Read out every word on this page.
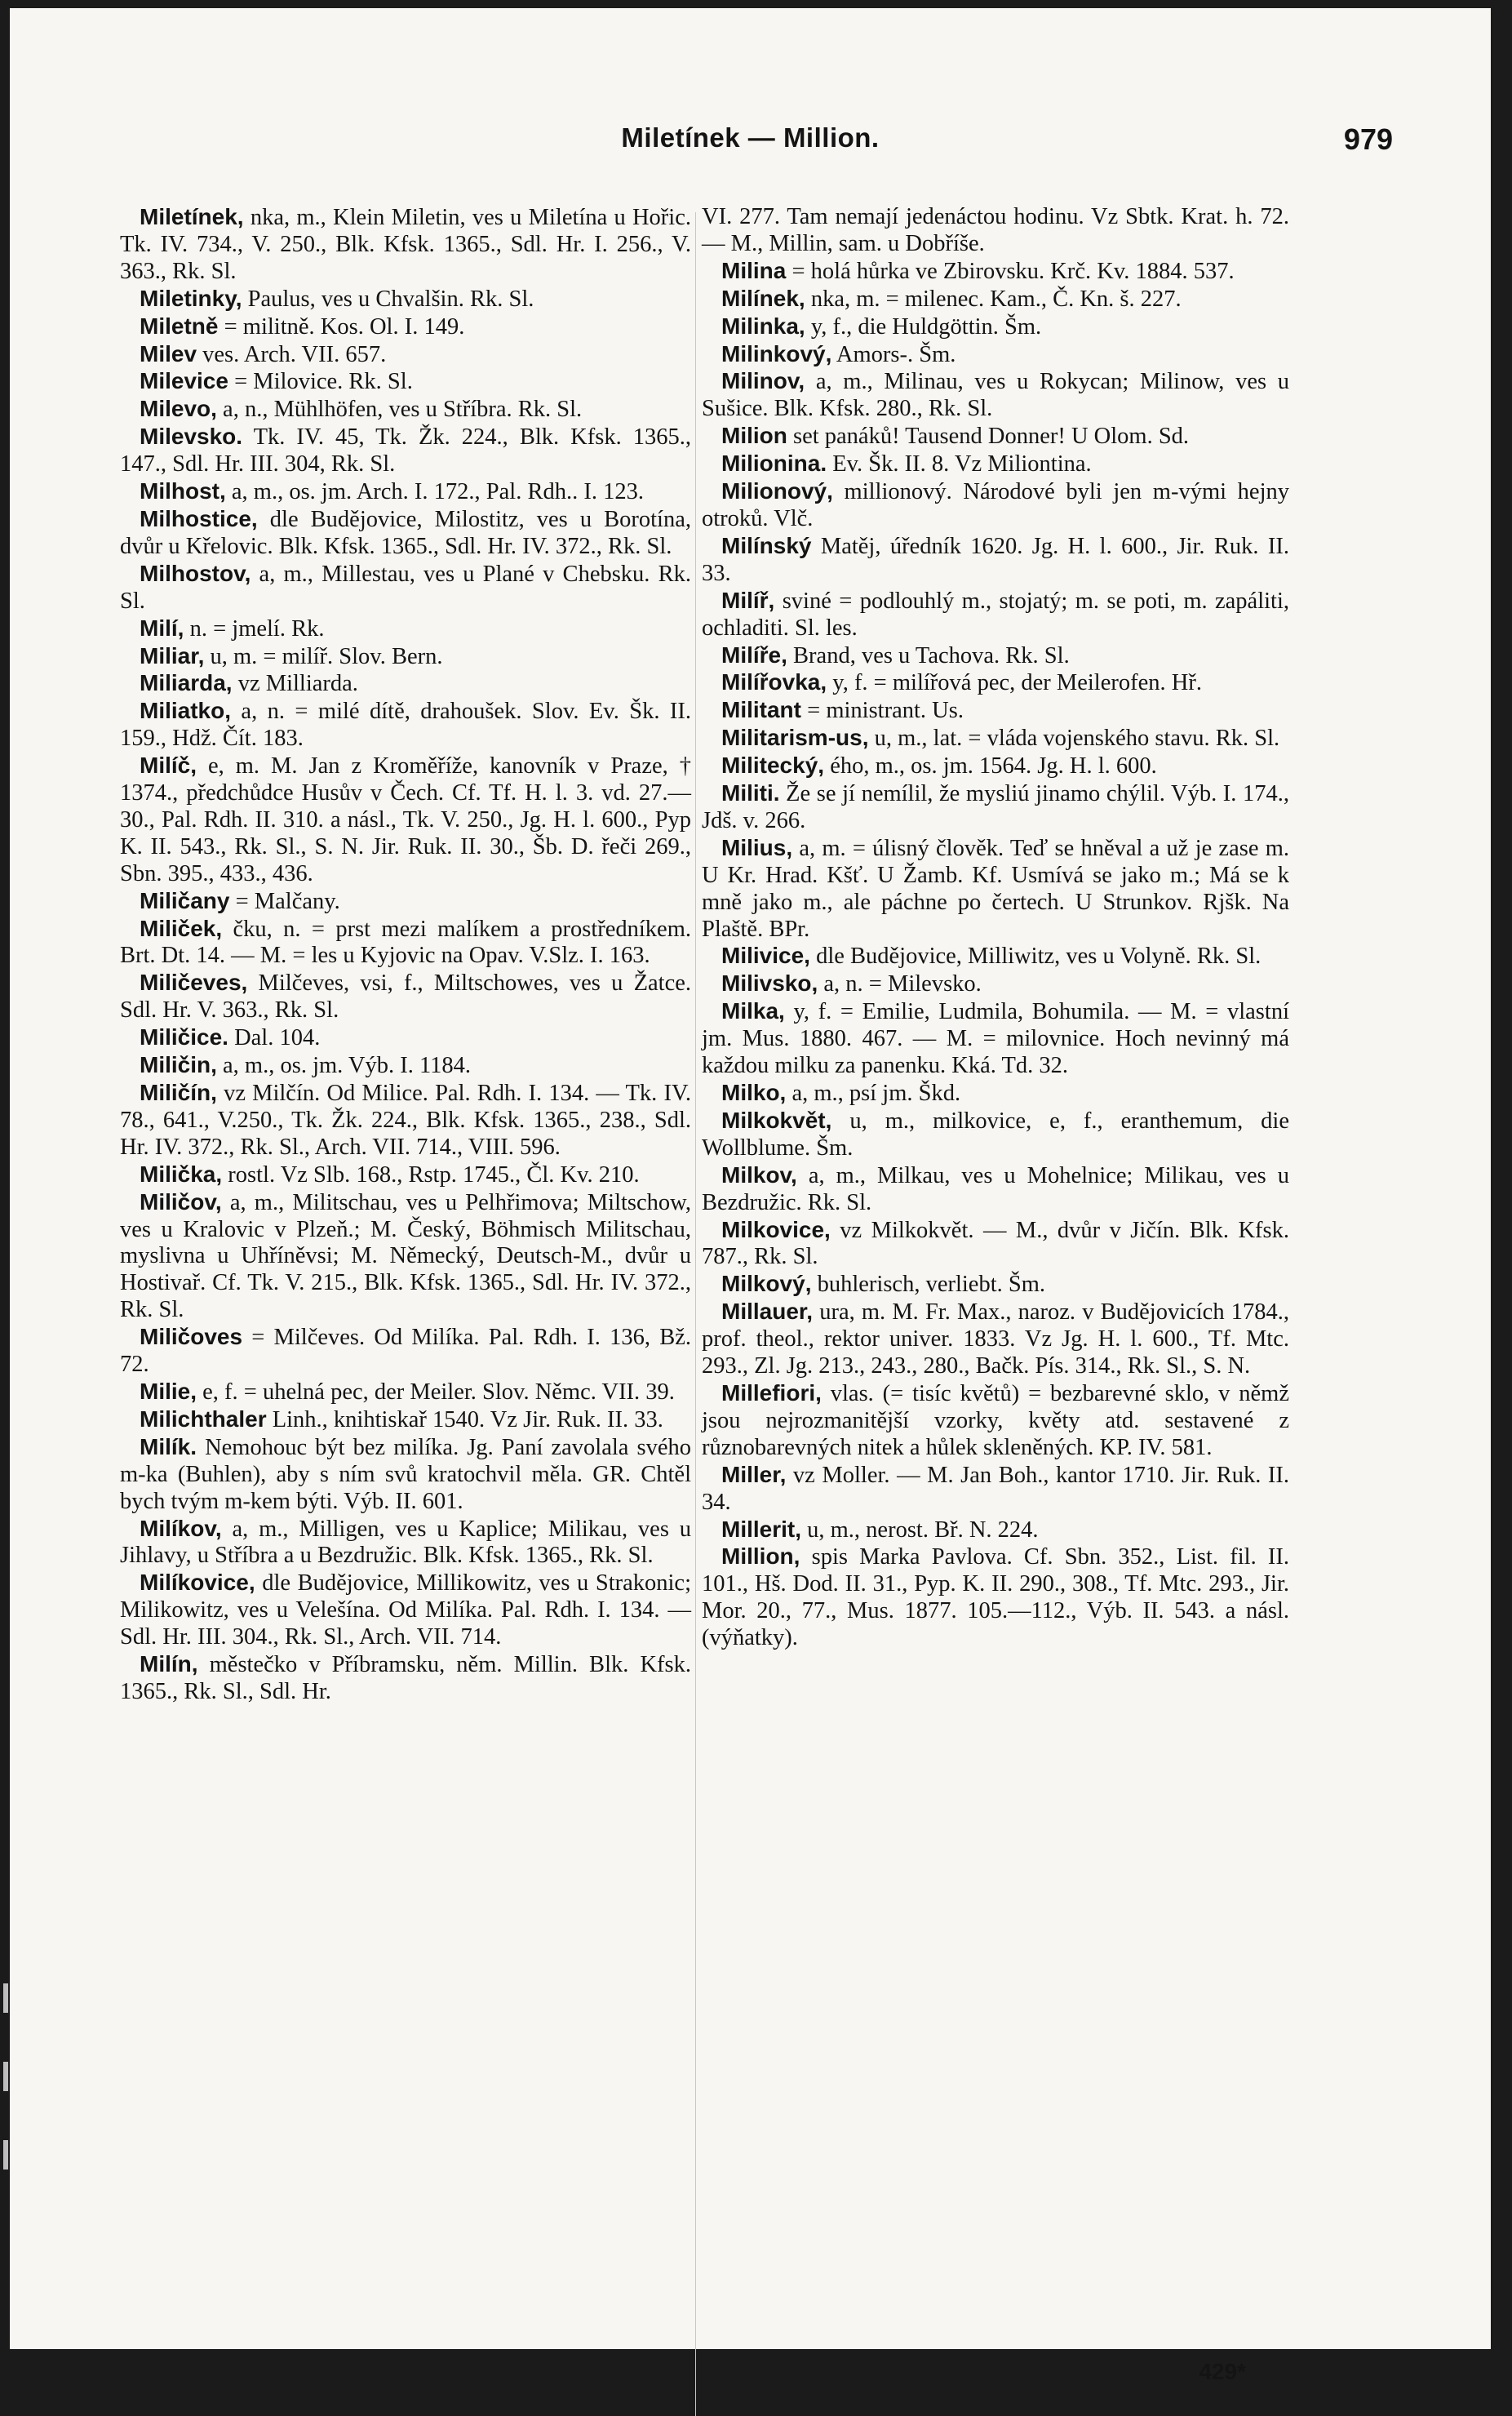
Miletínek — Million.	979

Miletínek, nka, m., Klein Miletin, ves u Miletína u Hořic. Tk. IV. 734., V. 250., Blk. Kfsk. 1365., Sdl. Hr. I. 256., V. 363., Rk. Sl.

Miletinky, Paulus, ves u Chvalšin. Rk. Sl.

Miletně = militně. Kos. Ol. I. 149.

Milev ves. Arch. VII. 657.

Milevice = Milovice. Rk. Sl.

Milevo, a, n., Mühlhöfen, ves u Stříbra. Rk. Sl.

Milevsko. Tk. IV. 45, Tk. Žk. 224., Blk. Kfsk. 1365., 147., Sdl. Hr. III. 304, Rk. Sl.

Milhost, a, m., os. jm. Arch. I. 172., Pal. Rdh.. I. 123.

Milhostice, dle Budějovice, Milostitz, ves u Borotína, dvůr u Křelovic. Blk. Kfsk. 1365., Sdl. Hr. IV. 372., Rk. Sl.

Milhostov, a, m., Millestau, ves u Plané v Chebsku. Rk. Sl.

Milí, n. = jmelí. Rk.

Miliar, u, m. = milíř. Slov. Bern.

Miliarda, vz Milliarda.

Miliatko, a, n. = milé dítě, drahoušek. Slov. Ev. Šk. II. 159., Hdž. Čít. 183.

Milíč, e, m. M. Jan z Kroměříže, kanovník v Praze, † 1374., předchůdce Husův v Čech. Cf. Tf. H. l. 3. vd. 27.—30., Pal. Rdh. II. 310. a násl., Tk. V. 250., Jg. H. l. 600., Pyp K. II. 543., Rk. Sl., S. N. Jir. Ruk. II. 30., Šb. D. řeči 269., Sbn. 395., 433., 436.

Miličany = Malčany.

Miliček, čku, n. = prst mezi malíkem a prostředníkem. Brt. Dt. 14. — M. = les u Kyjovic na Opav. V.Slz. I. 163.

Miličeves, Milčeves, vsi, f., Miltschowes, ves u Žatce. Sdl. Hr. V. 363., Rk. Sl.

Miličice. Dal. 104.

Miličin, a, m., os. jm. Výb. I. 1184.

Miličín, vz Milčín. Od Milice. Pal. Rdh. I. 134. — Tk. IV. 78., 641., V.250., Tk. Žk. 224., Blk. Kfsk. 1365., 238., Sdl. Hr. IV. 372., Rk. Sl., Arch. VII. 714., VIII. 596.

Milička, rostl. Vz Slb. 168., Rstp. 1745., Čl. Kv. 210.

Miličov, a, m., Militschau, ves u Pelhřimova; Miltschow, ves u Kralovic v Plzeň.; M. Český, Böhmisch Militschau, myslivna u Uhříněvsi; M. Německý, Deutsch-M., dvůr u Hostivař. Cf. Tk. V. 215., Blk. Kfsk. 1365., Sdl. Hr. IV. 372., Rk. Sl.

Miličoves = Milčeves. Od Milíka. Pal. Rdh. I. 136, Bž. 72.

Milie, e, f. = uhelná pec, der Meiler. Slov. Němc. VII. 39.

Milichthaler Linh., knihtiskař 1540. Vz Jir. Ruk. II. 33.

Milík. Nemohouc být bez milíka. Jg. Paní zavolala svého m-ka (Buhlen), aby s ním svů kratochvil měla. GR. Chtěl bych tvým m-kem býti. Výb. II. 601.

Milíkov, a, m., Milligen, ves u Kaplice; Milikau, ves u Jihlavy, u Stříbra a u Bezdružic. Blk. Kfsk. 1365., Rk. Sl.

Milíkovice, dle Budějovice, Millikowitz, ves u Strakonic; Milikowitz, ves u Velešína. Od Milíka. Pal. Rdh. I. 134. — Sdl. Hr. III. 304., Rk. Sl., Arch. VII. 714.

Milín, městečko v Příbramsku, něm. Millin. Blk. Kfsk. 1365., Rk. Sl., Sdl. Hr.

VI. 277. Tam nemají jedenáctou hodinu. Vz Sbtk. Krat. h. 72. — M., Millin, sam. u Dobříše.

Milina = holá hůrka ve Zbirovsku. Krč. Kv. 1884. 537.

Milínek, nka, m. = milenec. Kam., Č. Kn. š. 227.

Milinka, y, f., die Huldgöttin. Šm.

Milinkový, Amors-. Šm.

Milinov, a, m., Milinau, ves u Rokycan; Milinow, ves u Sušice. Blk. Kfsk. 280., Rk. Sl.

Milion set panáků! Tausend Donner! U Olom. Sd.

Milionina. Ev. Šk. II. 8. Vz Miliontina.

Milionový, millionový. Národové byli jen m-vými hejny otroků. Vlč.

Milínský Matěj, úředník 1620. Jg. H. l. 600., Jir. Ruk. II. 33.

Milíř, sviné = podlouhlý m., stojatý; m. se poti, m. zapáliti, ochladiti. Sl. les.

Milíře, Brand, ves u Tachova. Rk. Sl.

Milířovka, y, f. = milířová pec, der Meilerofen. Hř.

Militant = ministrant. Us.

Militarism-us, u, m., lat. = vláda vojenského stavu. Rk. Sl.

Militecký, ého, m., os. jm. 1564. Jg. H. l. 600.

Militi. Že se jí nemílil, že mysliú jinamo chýlil. Výb. I. 174., Jdš. v. 266.

Milius, a, m. = úlisný člověk. Teď se hněval a už je zase m. U Kr. Hrad. Kšť. U Žamb. Kf. Usmívá se jako m.; Má se k mně jako m., ale páchne po čertech. U Strunkov. Rjšk. Na Plaště. BPr.

Milivice, dle Budějovice, Milliwitz, ves u Volyně. Rk. Sl.

Milivsko, a, n. = Milevsko.

Milka, y, f. = Emilie, Ludmila, Bohumila. — M. = vlastní jm. Mus. 1880. 467. — M. = milovnice. Hoch nevinný má každou milku za panenku. Kká. Td. 32.

Milko, a, m., psí jm. Škd.

Milkokvět, u, m., milkovice, e, f., eranthemum, die Wollblume. Šm.

Milkov, a, m., Milkau, ves u Mohelnice; Milikau, ves u Bezdružic. Rk. Sl.

Milkovice, vz Milkokvět. — M., dvůr v Jičín. Blk. Kfsk. 787., Rk. Sl.

Milkový, buhlerisch, verliebt. Šm.

Millauer, ura, m. M. Fr. Max., naroz. v Budějovicích 1784., prof. theol., rektor univer. 1833. Vz Jg. H. l. 600., Tf. Mtc. 293., Zl. Jg. 213., 243., 280., Bačk. Pís. 314., Rk. Sl., S. N.

Millefiori, vlas. (= tisíc květů) = bezbarevné sklo, v němž jsou nejrozmanitější vzorky, květy atd. sestavené z různobarevných nitek a hůlek skleněných. KP. IV. 581.

Miller, vz Moller. — M. Jan Boh., kantor 1710. Jir. Ruk. II. 34.

Millerit, u, m., nerost. Bř. N. 224.

Million, spis Marka Pavlova. Cf. Sbn. 352., List. fil. II. 101., Hš. Dod. II. 31., Pyp. K. II. 290., 308., Tf. Mtc. 293., Jir. Mor. 20., 77., Mus. 1877. 105.—112., Výb. II. 543. a násl. (výňatky).

429*
